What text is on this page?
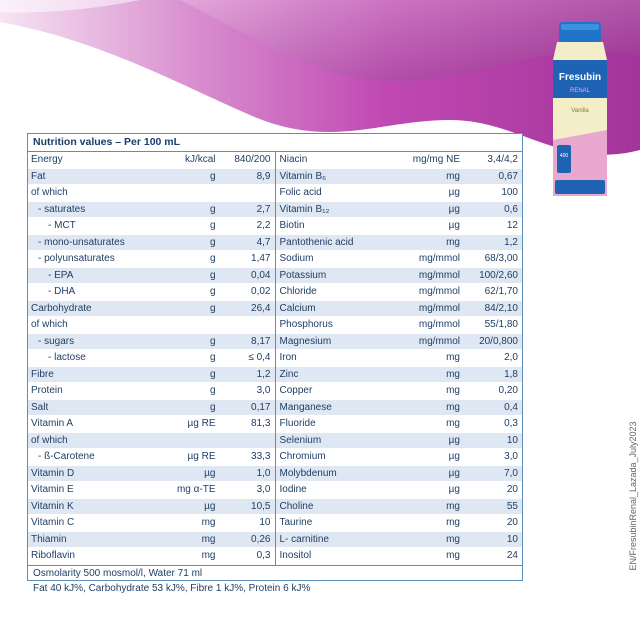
Fresubin
RENAL
Vanilla
400
EN/FresubinRenal_Lazada_July2023
Nutrition values – Per 100 mL
Energy	kJ/kcal	840/200
Fat	g	8,9
of which
- saturates	g	2,7
- MCT	g	2,2
- mono-unsaturates	g	4,7
- polyunsaturates	g	1,47
- EPA	g	0,04
- DHA	g	0,02
Carbohydrate	g	26,4
of which
- sugars	g	8,17
- lactose	g	≤ 0,4
Fibre	g	1,2
Protein	g	3,0
Salt	g	0,17
Vitamin A	µg RE	81,3
of which
- ß-Carotene	µg RE	33,3
Vitamin D	µg	1,0
Vitamin E	mg α-TE	3,0
Vitamin K	µg	10,5
Vitamin C	mg	10
Thiamin	mg	0,26
Riboflavin	mg	0,3
Niacin	mg/mg NE	3,4/4,2
Vitamin B₆	mg	0,67
Folic acid	µg	100
Vitamin B₁₂	µg	0,6
Biotin	µg	12
Pantothenic acid	mg	1,2
Sodium	mg/mmol	68/3,00
Potassium	mg/mmol	100/2,60
Chloride	mg/mmol	62/1,70
Calcium	mg/mmol	84/2,10
Phosphorus	mg/mmol	55/1,80
Magnesium	mg/mmol	20/0,800
Iron	mg	2,0
Zinc	mg	1,8
Copper	mg	0,20
Manganese	mg	0,4
Fluoride	mg	0,3
Selenium	µg	10
Chromium	µg	3,0
Molybdenum	µg	7,0
Iodine	µg	20
Choline	mg	55
Taurine	mg	20
L- carnitine	mg	10
Inositol	mg	24
Osmolarity 500 mosmol/l, Water 71 ml
Fat 40 kJ%, Carbohydrate 53 kJ%, Fibre 1 kJ%, Protein 6 kJ%
